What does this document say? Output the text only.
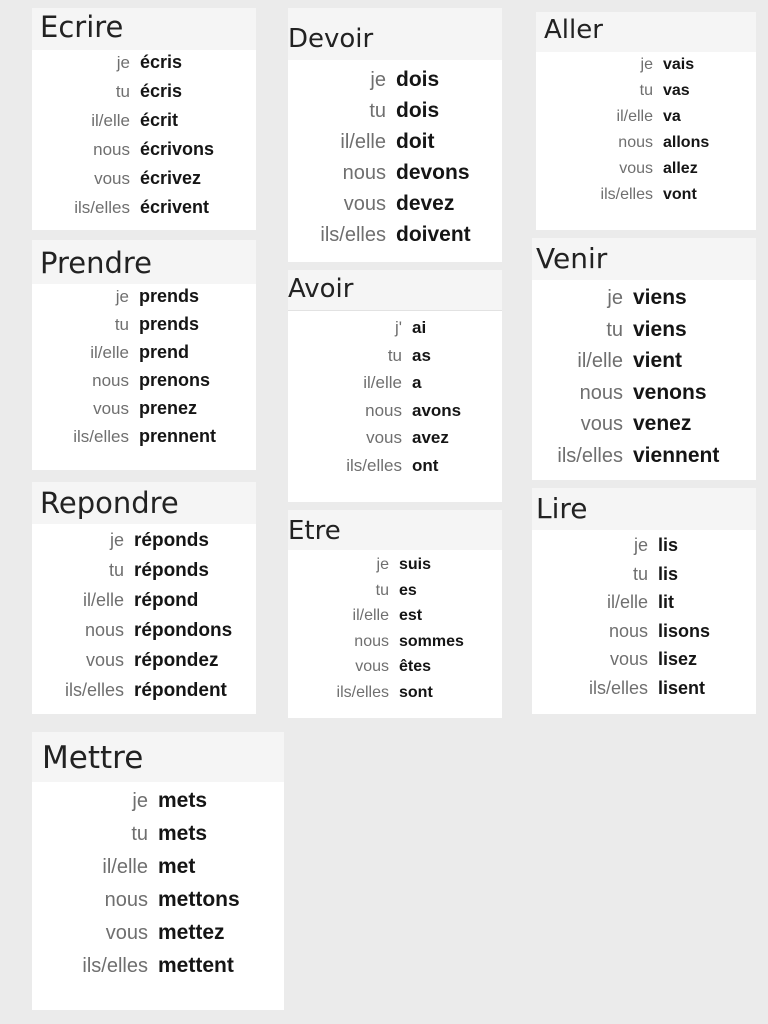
Ecrire
je écris
tu écris
il/elle écrit
nous écrivons
vous écrivez
ils/elles écrivent
Prendre
je prends
tu prends
il/elle prend
nous prenons
vous prenez
ils/elles prennent
Repondre
je réponds
tu réponds
il/elle répond
nous répondons
vous répondez
ils/elles répondent
Devoir
je dois
tu dois
il/elle doit
nous devons
vous devez
ils/elles doivent
Avoir
j' ai
tu as
il/elle a
nous avons
vous avez
ils/elles ont
Etre
je suis
tu es
il/elle est
nous sommes
vous êtes
ils/elles sont
Aller
je vais
tu vas
il/elle va
nous allons
vous allez
ils/elles vont
Venir
je viens
tu viens
il/elle vient
nous venons
vous venez
ils/elles viennent
Lire
je lis
tu lis
il/elle lit
nous lisons
vous lisez
ils/elles lisent
Mettre
je mets
tu mets
il/elle met
nous mettons
vous mettez
ils/elles mettent
